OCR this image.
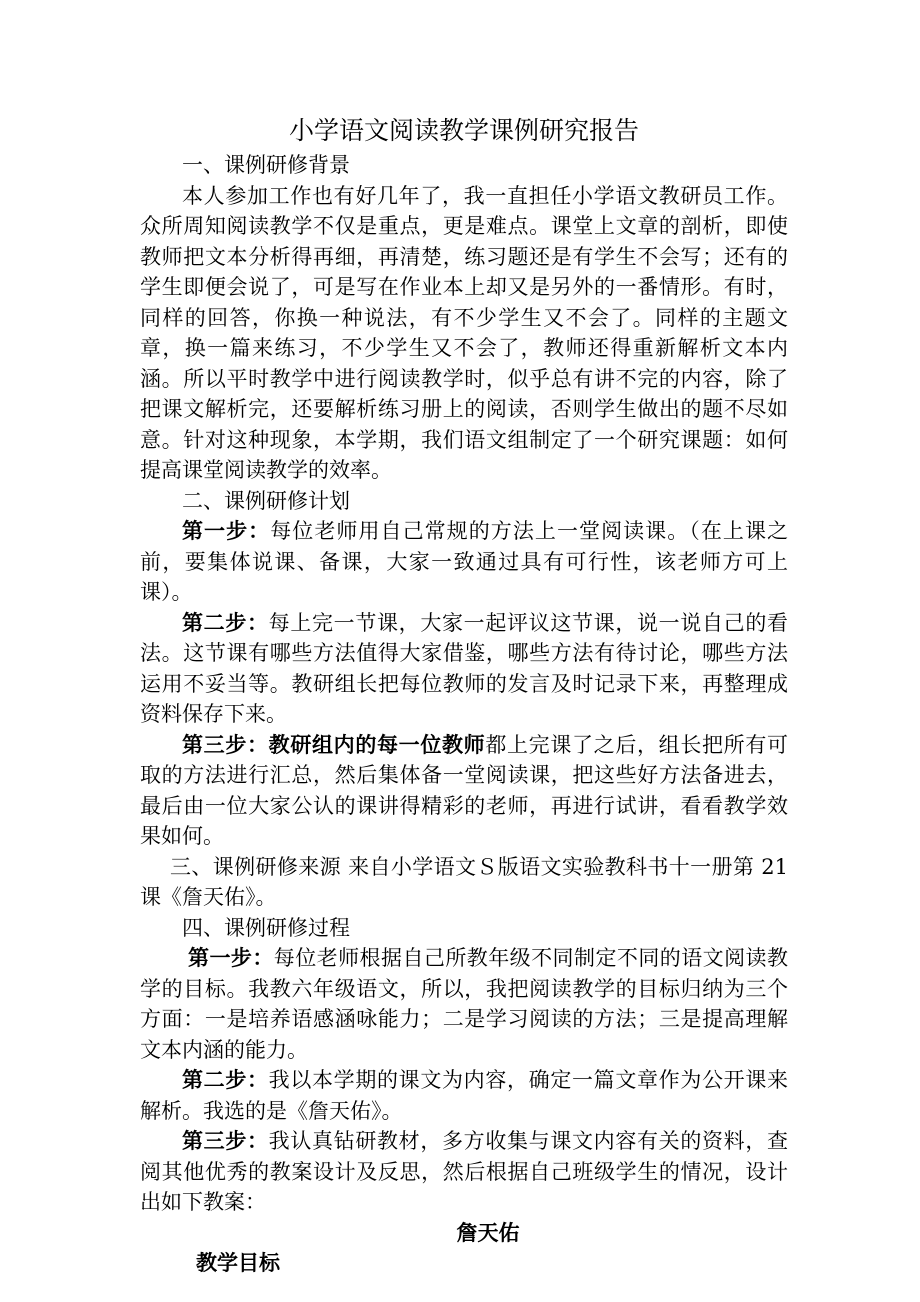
小学语文阅读教学课例研究报告

一、课例研修背景

本人参加工作也有好几年了，我一直担任小学语文教研员工作。众所周知阅读教学不仅是重点，更是难点。课堂上文章的剖析，即使教师把文本分析得再细，再清楚，练习题还是有学生不会写；还有的学生即便会说了，可是写在作业本上却又是另外的一番情形。有时，同样的回答，你换一种说法，有不少学生又不会了。同样的主题文章，换一篇来练习，不少学生又不会了，教师还得重新解析文本内涵。所以平时教学中进行阅读教学时，似乎总有讲不完的内容，除了把课文解析完，还要解析练习册上的阅读，否则学生做出的题不尽如意。针对这种现象，本学期，我们语文组制定了一个研究课题：如何提高课堂阅读教学的效率。

二、课例研修计划

第一步：每位老师用自己常规的方法上一堂阅读课。（在上课之前，要集体说课、备课，大家一致通过具有可行性，该老师方可上课）。

第二步：每上完一节课，大家一起评议这节课，说一说自己的看法。这节课有哪些方法值得大家借鉴，哪些方法有待讨论，哪些方法运用不妥当等。教研组长把每位教师的发言及时记录下来，再整理成资料保存下来。

第三步：教研组内的每一位教师都上完课了之后，组长把所有可取的方法进行汇总，然后集体备一堂阅读课，把这些好方法备进去，最后由一位大家公认的课讲得精彩的老师，再进行试讲，看看教学效果如何。

三、课例研修来源 来自小学语文Ｓ版语文实验教科书十一册第 21 课《詹天佑》。

四、课例研修过程

第一步：每位老师根据自己所教年级不同制定不同的语文阅读教学的目标。我教六年级语文，所以，我把阅读教学的目标归纳为三个方面：一是培养语感涵咏能力；二是学习阅读的方法；三是提高理解文本内涵的能力。

第二步：我以本学期的课文为内容，确定一篇文章作为公开课来解析。我选的是《詹天佑》。

第三步：我认真钻研教材，多方收集与课文内容有关的资料，查阅其他优秀的教案设计及反思，然后根据自己班级学生的情况，设计出如下教案：

詹天佑

教学目标
